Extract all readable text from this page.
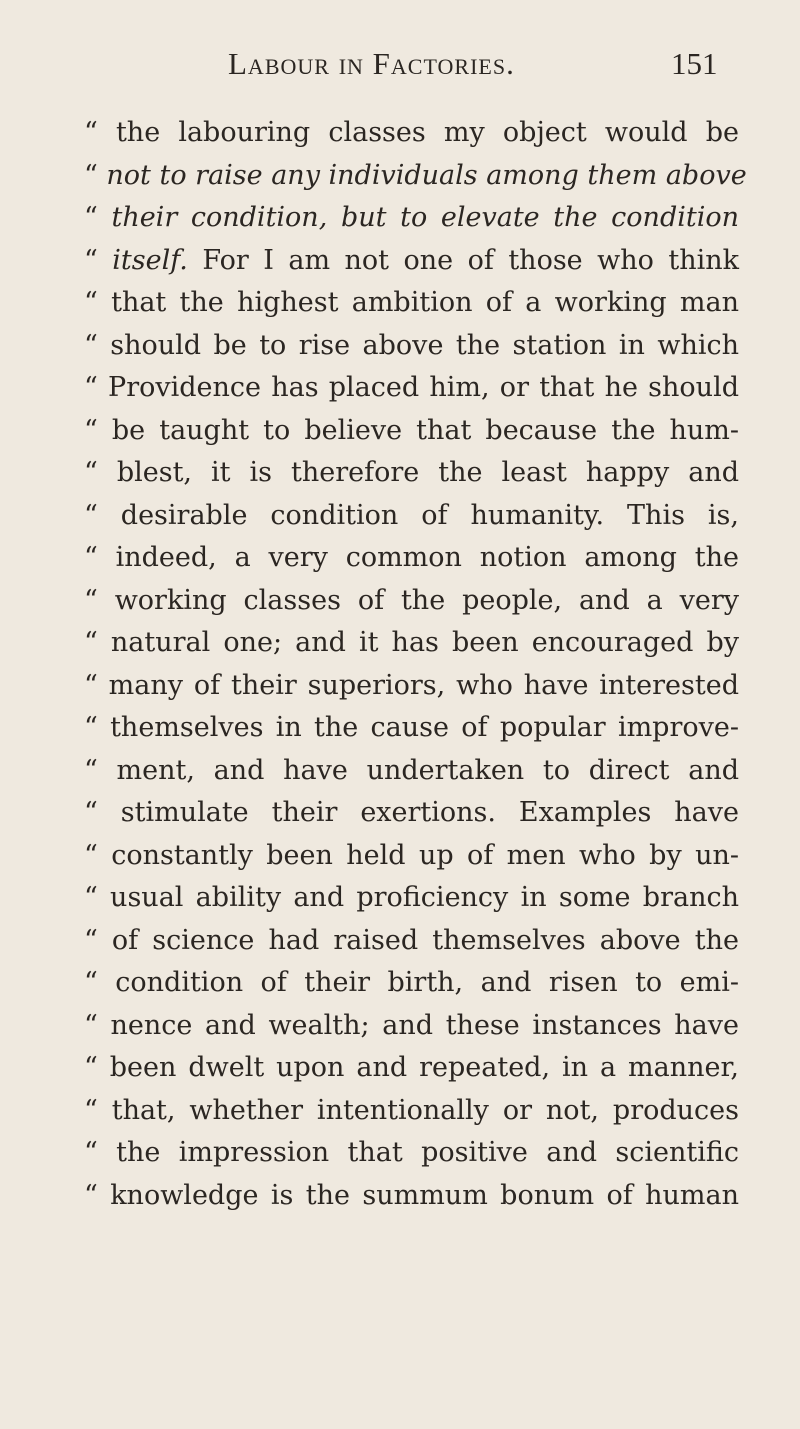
Labour in Factories.	151
“ the labouring classes my object would be
“ not to raise any individuals among them above
“ their condition, but to elevate the condition
“ itself. For I am not one of those who think
“ that the highest ambition of a working man
“ should be to rise above the station in which
“ Providence has placed him, or that he should
“ be taught to believe that because the hum-
“ blest, it is therefore the least happy and
“ desirable condition of humanity. This is,
“ indeed, a very common notion among the
“ working classes of the people, and a very
“ natural one; and it has been encouraged by
“ many of their superiors, who have interested
“ themselves in the cause of popular improve-
“ ment, and have undertaken to direct and
“ stimulate their exertions. Examples have
“ constantly been held up of men who by un-
“ usual ability and proficiency in some branch
“ of science had raised themselves above the
“ condition of their birth, and risen to emi-
“ nence and wealth; and these instances have
“ been dwelt upon and repeated, in a manner,
“ that, whether intentionally or not, produces
“ the impression that positive and scientific
“ knowledge is the summum bonum of human
